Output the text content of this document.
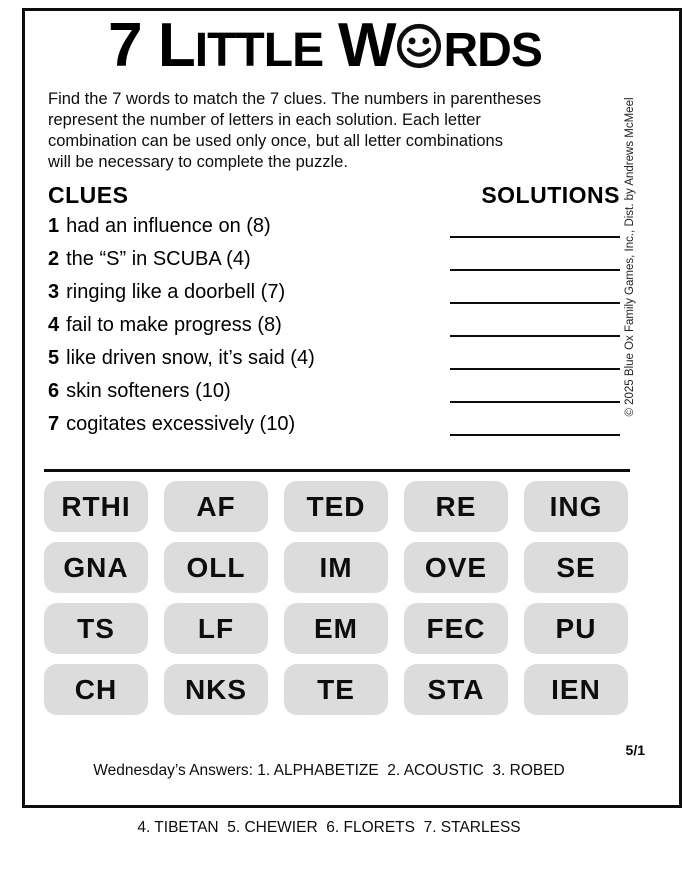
7 LITTLE W RDS
Find the 7 words to match the 7 clues. The numbers in parentheses
represent the number of letters in each solution. Each letter
combination can be used only once, but all letter combinations
will be necessary to complete the puzzle.
CLUES	SOLUTIONS
1 had an influence on (8)
2 the “S” in SCUBA (4)
3 ringing like a doorbell (7)
4 fail to make progress (8)
5 like driven snow, it’s said (4)
6 skin softeners (10)
7 cogitates excessively (10)
RTHI	AF	TED	RE	ING
GNA	OLL	IM	OVE	SE
TS	LF	EM	FEC	PU
CH	NKS	TE	STA	IEN

Wednesday’s Answers: 1. ALPHABETIZE  2. ACOUSTIC  3. ROBED

4. TIBETAN  5. CHEWIER  6. FLORETS  7. STARLESS

5/1
© 2025 Blue Ox Family Games, Inc., Dist. by Andrews McMeel
